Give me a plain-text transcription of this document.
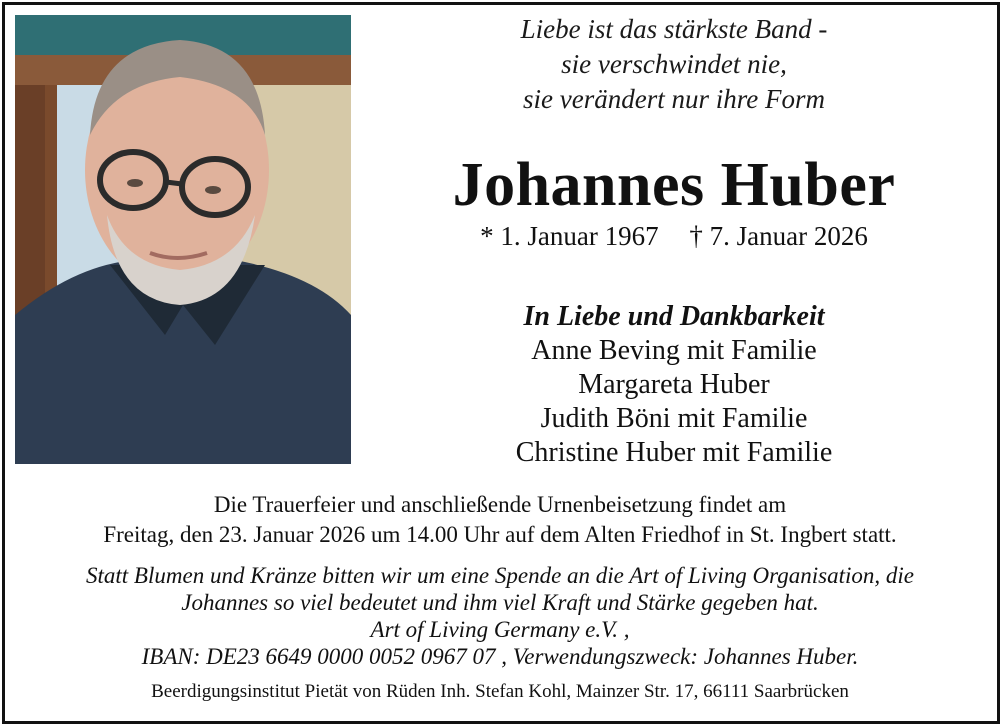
Liebe ist das stärkste Band -
sie verschwindet nie,
sie verändert nur ihre Form
Johannes Huber
* 1. Januar 1967 † 7. Januar 2026
In Liebe und Dankbarkeit
Anne Beving mit Familie
Margareta Huber
Judith Böni mit Familie
Christine Huber mit Familie
Die Trauerfeier und anschließende Urnenbeisetzung findet am
Freitag, den 23. Januar 2026 um 14.00 Uhr auf dem Alten Friedhof in St. Ingbert statt.
Statt Blumen und Kränze bitten wir um eine Spende an die Art of Living Organisation, die
Johannes so viel bedeutet und ihm viel Kraft und Stärke gegeben hat.
Art of Living Germany e.V. ,
IBAN: DE23 6649 0000 0052 0967 07 , Verwendungszweck: Johannes Huber.
Beerdigungsinstitut Pietät von Rüden Inh. Stefan Kohl, Mainzer Str. 17, 66111 Saarbrücken
